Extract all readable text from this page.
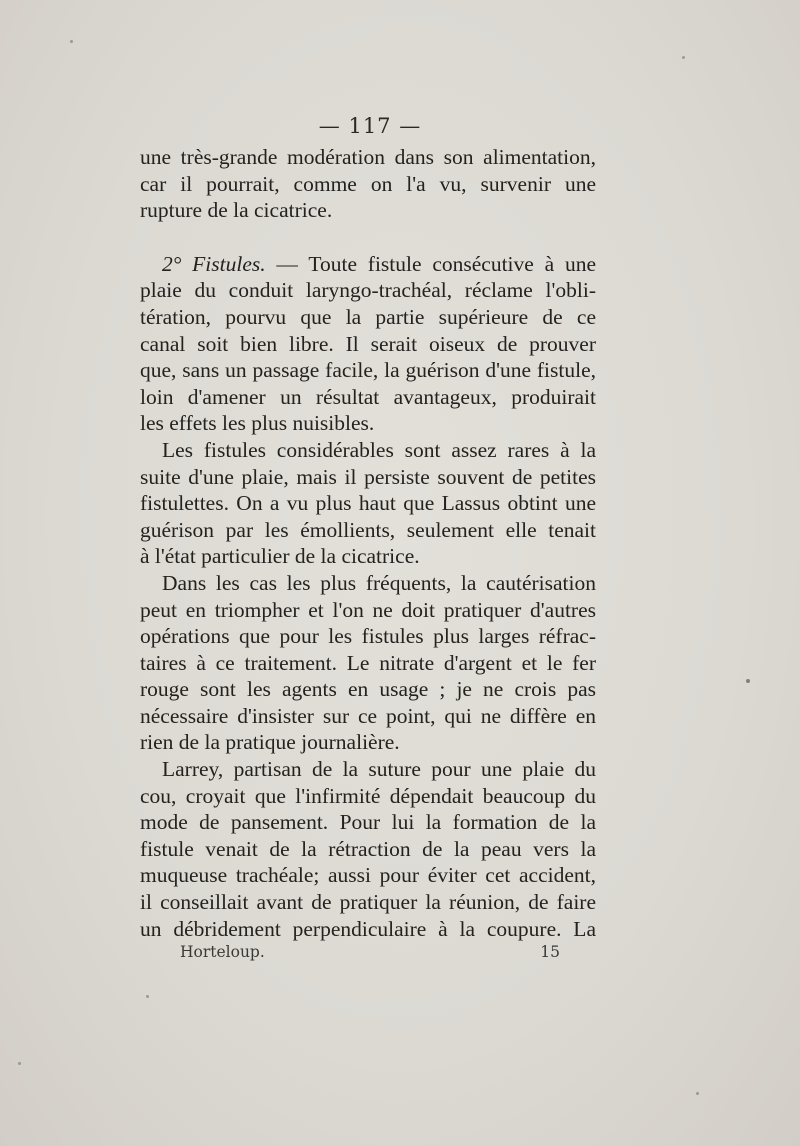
— 117 —
une très-grande modération dans son alimentation,
car il pourrait, comme on l'a vu, survenir une
rupture de la cicatrice.
2° Fistules. — Toute fistule consécutive à une
plaie du conduit laryngo-trachéal, réclame l'obli-
tération, pourvu que la partie supérieure de ce
canal soit bien libre. Il serait oiseux de prouver
que, sans un passage facile, la guérison d'une fistule,
loin d'amener un résultat avantageux, produirait
les effets les plus nuisibles.
Les fistules considérables sont assez rares à la
suite d'une plaie, mais il persiste souvent de petites
fistulettes. On a vu plus haut que Lassus obtint une
guérison par les émollients, seulement elle tenait
à l'état particulier de la cicatrice.
Dans les cas les plus fréquents, la cautérisation
peut en triompher et l'on ne doit pratiquer d'autres
opérations que pour les fistules plus larges réfrac-
taires à ce traitement. Le nitrate d'argent et le fer
rouge sont les agents en usage ; je ne crois pas
nécessaire d'insister sur ce point, qui ne diffère en
rien de la pratique journalière.
Larrey, partisan de la suture pour une plaie du
cou, croyait que l'infirmité dépendait beaucoup du
mode de pansement. Pour lui la formation de la
fistule venait de la rétraction de la peau vers la
muqueuse trachéale; aussi pour éviter cet accident,
il conseillait avant de pratiquer la réunion, de faire
un débridement perpendiculaire à la coupure. La
Horteloup.	15
